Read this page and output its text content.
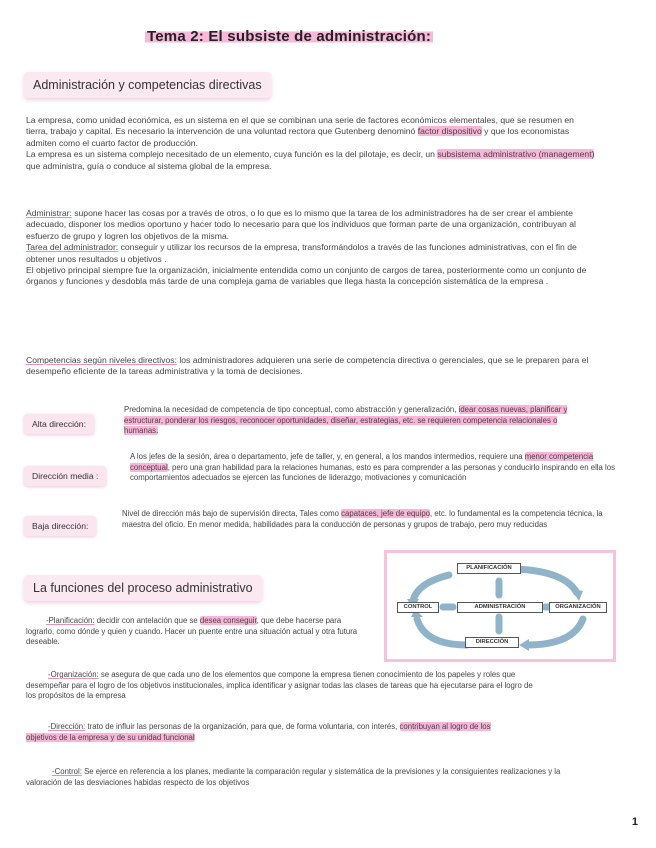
Tema 2: El subsiste de administración:
Administración y competencias directivas
La empresa, como unidad económica, es un sistema en el que se combinan una serie de factores económicos elementales, que se resumen en tierra, trabajo y capital. Es necesario la intervención de una voluntad rectora que Gutenberg denominó factor dispositivo y que los economistas admiten como el cuarto factor de producción.
La empresa es un sistema complejo necesitado de un elemento, cuya función es la del pilotaje, es decir, un subsistema administrativo (management) que administra, guía o conduce al sistema global de la empresa.
Administrar: supone hacer las cosas por a través de otros, o lo que es lo mismo que la tarea de los administradores ha de ser crear el ambiente adecuado, disponer los medios oportuno y hacer todo lo necesario para que los individuos que forman parte de una organización, contribuyan al esfuerzo de grupo y logren los objetivos de la misma.
Tarea del administrador: conseguir y utilizar los recursos de la empresa, transformándolos a través de las funciones administrativas, con el fin de obtener unos resultados u objetivos .
El objetivo principal siempre fue la organización, inicialmente entendida como un conjunto de cargos de tarea, posteriormente como un conjunto de órganos y funciones y desdobla más tarde de una compleja gama de variables que llega hasta la concepción sistemática de la empresa .
Competencias según niveles directivos: los administradores adquieren una serie de competencia directiva o gerenciales, que se le preparen para el desempeño eficiente de la tareas administrativa y la toma de decisiones.
Alta dirección:
Predomina la necesidad de competencia de tipo conceptual, como abstracción y generalización, idear cosas nuevas, planificar y estructurar, ponderar los riesgos, reconocer oportunidades, diseñar, estrategias, etc. se requieren competencia relacionales o humanas.
Dirección media :
A los jefes de la sesión, área o departamento, jefe de taller, y, en general, a los mandos intermedios, requiere una menor competencia conceptual, pero una gran habilidad para la relaciones humanas, esto es para comprender a las personas y conducirlo inspirando en ella los comportamientos adecuados se ejercen las funciones de liderazgo, motivaciones y comunicación
Baja dirección:
Nivel de dirección más bajo de supervisión directa, Tales como capataces, jefe de equipo, etc. lo fundamental es la competencia técnica, la maestra del oficio. En menor medida, habilidades para la conducción de personas y grupos de trabajo, pero muy reducidas
La funciones del proceso administrativo
PLANIFICACIÓN
CONTROL	ADMINISTRACIÓN	ORGANIZACIÓN
DIRECCIÓN
-Planificación: decidir con antelación que se desea conseguir, que debe hacerse para lograrlo, como dónde y quien y cuando. Hacer un puente entre una situación actual y otra futura deseable.
-Organización: se asegura de que cada uno de los elementos que compone la empresa tienen conocimiento de los papeles y roles que desempeñar para el logro de los objetivos institucionales, implica identificar y asignar todas las clases de tareas que ha ejecutarse para el logro de los propósitos de la empresa
-Dirección: trato de influir las personas de la organización, para que, de forma voluntaria, con interés, contribuyan al logro de los objetivos de la empresa y de su unidad funcional
-Control: Se ejerce en referencia a los planes, mediante la comparación regular y sistemática de la previsiones y la consiguientes realizaciones y la valoración de las desviaciones habidas respecto de los objetivos
1
